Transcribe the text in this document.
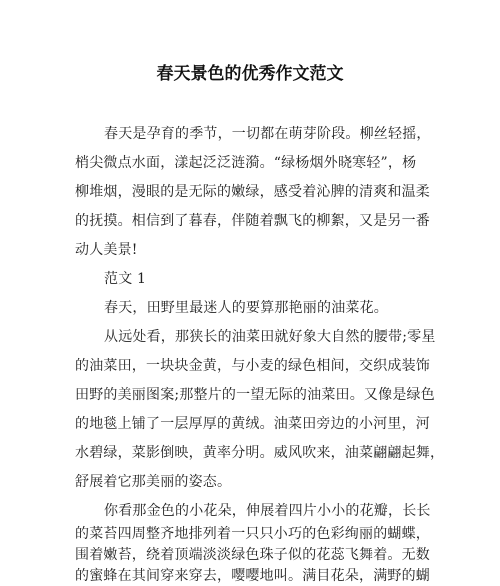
春天景色的优秀作文范文
春天是孕育的季节，一切都在萌芽阶段。柳丝轻摇，
梢尖微点水面，漾起泛泛涟漪。“绿杨烟外晓寒轻”，杨
柳堆烟，漫眼的是无际的嫩绿，感受着沁脾的清爽和温柔
的抚摸。相信到了暮春，伴随着飘飞的柳絮，又是另一番
动人美景!
范文 1
春天，田野里最迷人的要算那艳丽的油菜花。
从远处看，那狭长的油菜田就好象大自然的腰带;零星
的油菜田，一块块金黄，与小麦的绿色相间，交织成装饰
田野的美丽图案;那整片的一望无际的油菜田。又像是绿色
的地毯上铺了一层厚厚的黄绒。油菜田旁边的小河里，河
水碧绿，菜影倒映，黄率分明。威风吹来，油菜翩翩起舞，
舒展着它那美丽的姿态。
你看那金色的小花朵，伸展着四片小小的花瓣，长长
的菜苔四周整齐地排列着一只只小巧的色彩绚丽的蝴蝶，
围着嫩苔，绕着顶端淡淡绿色珠子似的花蕊飞舞着。无数
的蜜蜂在其间穿来穿去，嘤嘤地叫。满目花朵，满野的蝴
